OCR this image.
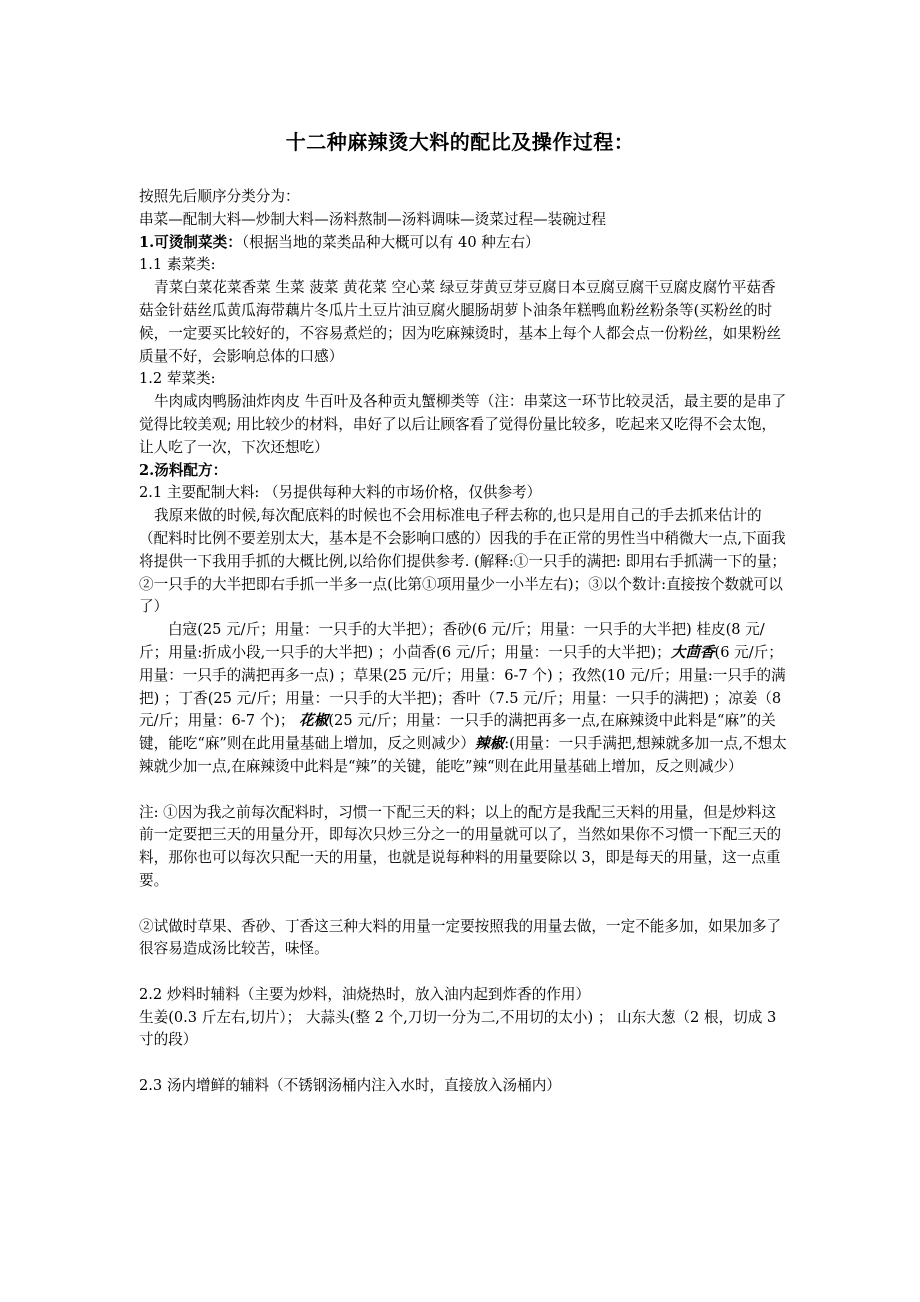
十二种麻辣烫大料的配比及操作过程：

按照先后顺序分类分为：

串菜—配制大料—炒制大料—汤料熬制—汤料调味—烫菜过程—装碗过程

1.可烫制菜类：（根据当地的菜类品种大概可以有 40 种左右）

1.1 素菜类:

青菜白菜花菜香菜 生菜 菠菜 黄花菜 空心菜 绿豆芽黄豆芽豆腐日本豆腐豆腐干豆腐皮腐竹平菇香菇金针菇丝瓜黄瓜海带藕片冬瓜片土豆片油豆腐火腿肠胡萝卜油条年糕鸭血粉丝粉条等(买粉丝的时候，一定要买比较好的，不容易煮烂的；因为吃麻辣烫时，基本上每个人都会点一份粉丝，如果粉丝质量不好，会影响总体的口感）

1.2 荤菜类:

牛肉咸肉鸭肠油炸肉皮 牛百叶及各种贡丸蟹柳类等（注：串菜这一环节比较灵活，最主要的是串了觉得比较美观; 用比较少的材料，串好了以后让顾客看了觉得份量比较多，吃起来又吃得不会太饱，让人吃了一次，下次还想吃）

2.汤料配方：

2.1 主要配制大料: （另提供每种大料的市场价格，仅供参考）

我原来做的时候,每次配底料的时候也不会用标准电子秤去称的,也只是用自己的手去抓来估计的（配料时比例不要差别太大，基本是不会影响口感的）因我的手在正常的男性当中稍微大一点,下面我将提供一下我用手抓的大概比例,以给你们提供参考. (解释:①一只手的满把: 即用右手抓满一下的量；②一只手的大半把即右手抓一半多一点(比第①项用量少一小半左右)；③以个数计:直接按个数就可以了）

白寇(25 元/斤；用量：一只手的大半把）；香砂(6 元/斤；用量：一只手的大半把) 桂皮(8 元/斤；用量:折成小段,一只手的大半把) ；小茴香(6 元/斤；用量：一只手的大半把)；大茴香(6 元/斤；用量：一只手的满把再多一点) ；草果(25 元/斤；用量：6-7 个) ；孜然(10 元/斤；用量:一只手的满把) ；丁香(25 元/斤；用量：一只手的大半把)；香叶（7.5 元/斤；用量：一只手的满把) ；凉姜（8 元/斤；用量：6-7 个)； 花椒(25 元/斤；用量：一只手的满把再多一点,在麻辣烫中此料是“麻”的关键，能吃“麻”则在此用量基础上增加，反之则减少）辣椒:(用量：一只手满把,想辣就多加一点,不想太辣就少加一点,在麻辣烫中此料是“辣”的关键，能吃”辣“则在此用量基础上增加，反之则减少）

注: ①因为我之前每次配料时，习惯一下配三天的料；以上的配方是我配三天料的用量，但是炒料这前一定要把三天的用量分开，即每次只炒三分之一的用量就可以了，当然如果你不习惯一下配三天的料，那你也可以每次只配一天的用量，也就是说每种料的用量要除以 3，即是每天的用量，这一点重要。

②试做时草果、香砂、丁香这三种大料的用量一定要按照我的用量去做，一定不能多加，如果加多了很容易造成汤比较苦，味怪。

2.2 炒料时辅料（主要为炒料，油烧热时，放入油内起到炸香的作用）

生姜(0.3 斤左右,切片）； 大蒜头(整 2 个,刀切一分为二,不用切的太小) ； 山东大葱（2 根，切成 3 寸的段）

2.3 汤内增鲜的辅料（不锈钢汤桶内注入水时，直接放入汤桶内）
